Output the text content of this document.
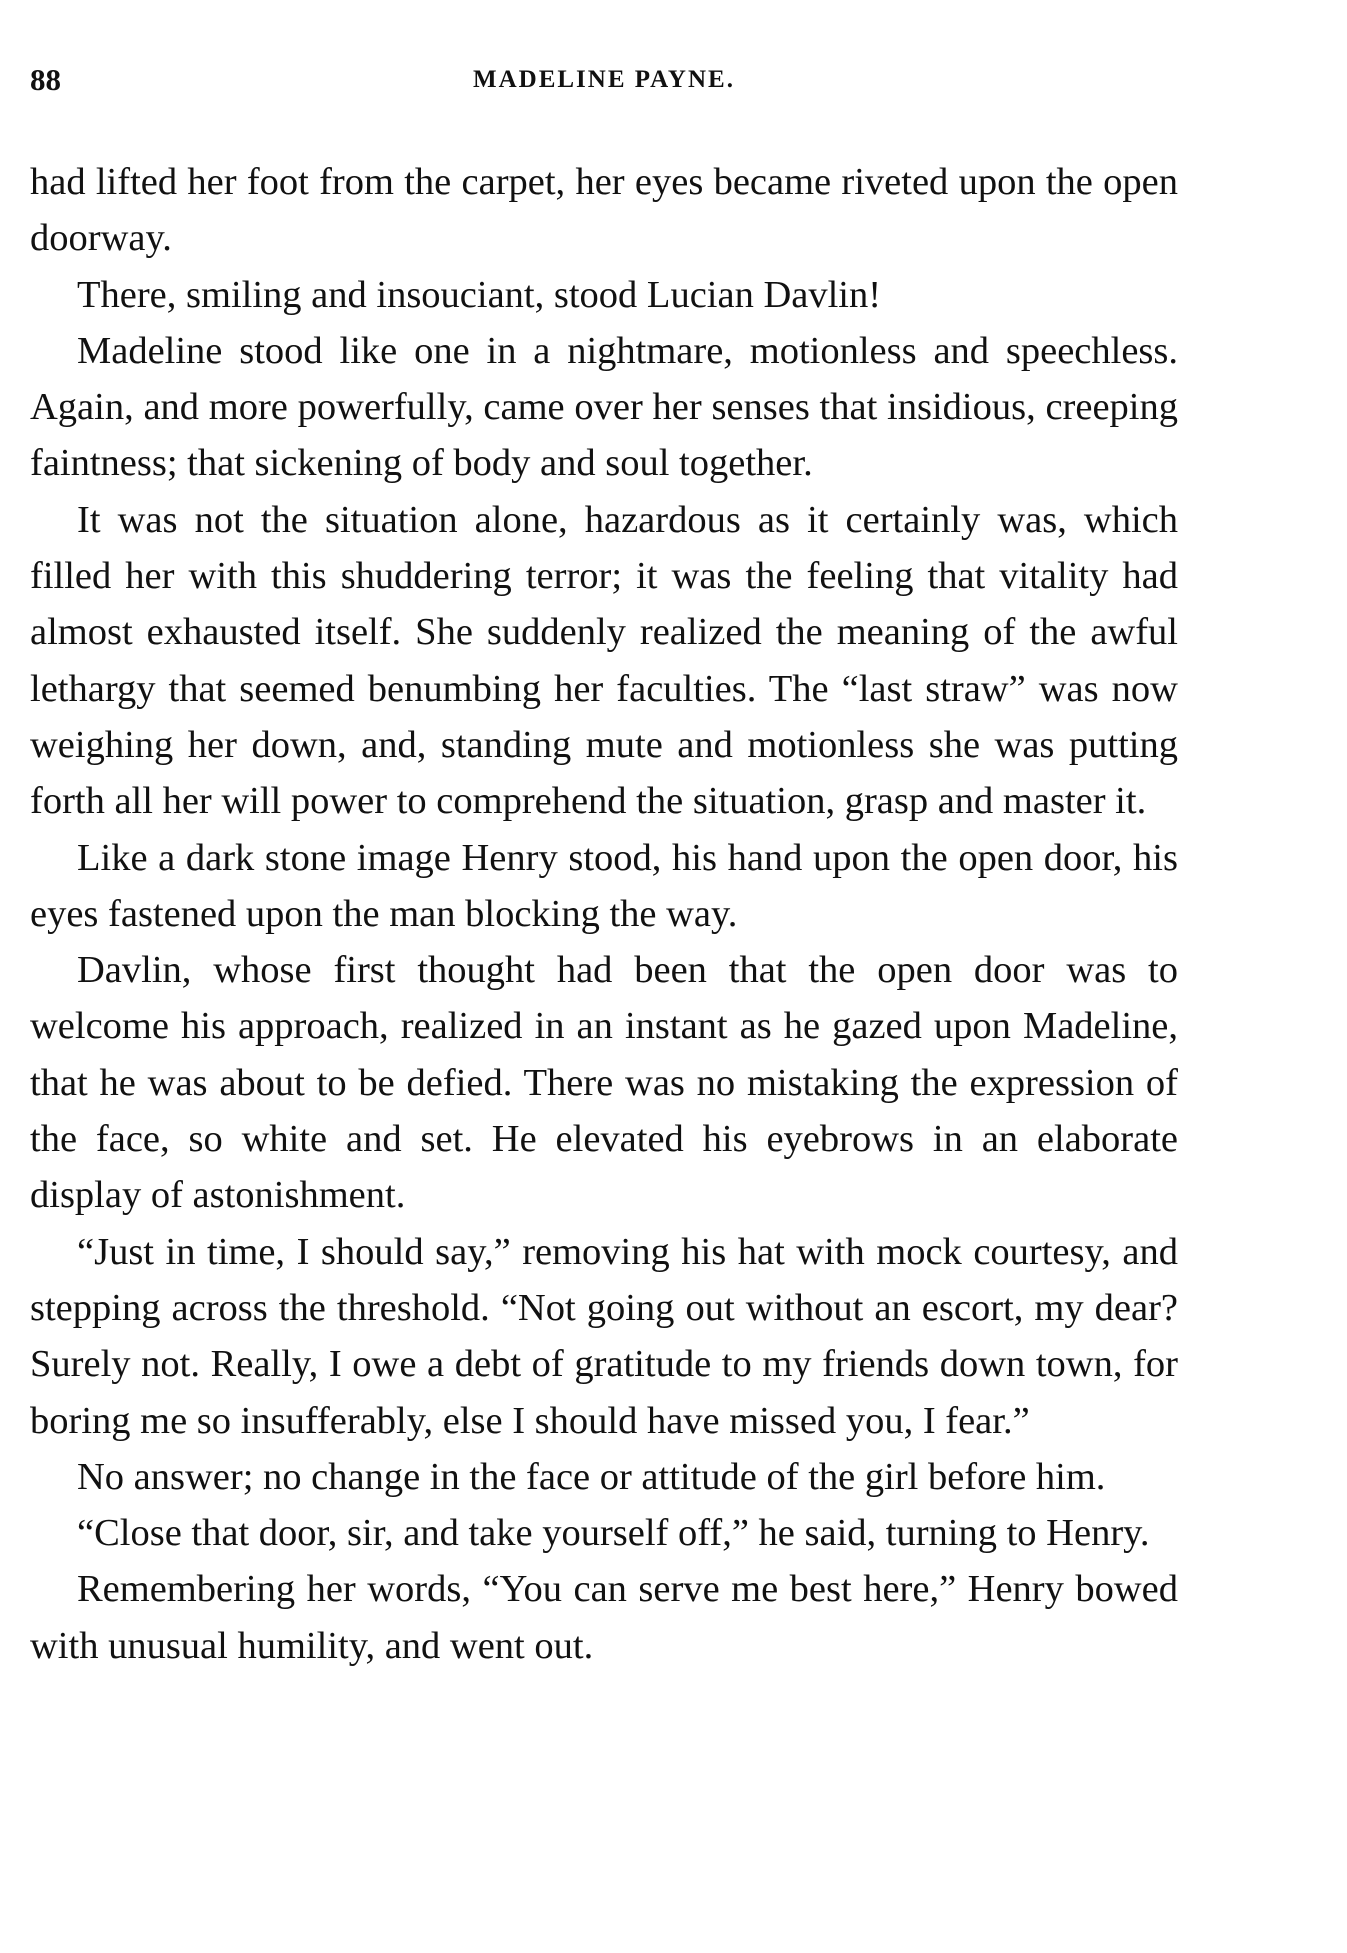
88	MADELINE PAYNE.

had lifted her foot from the carpet, her eyes became riveted upon the open doorway.

There, smiling and insouciant, stood Lucian Davlin!

Madeline stood like one in a nightmare, motionless and speechless. Again, and more powerfully, came over her senses that insidious, creeping faintness; that sickening of body and soul together.

It was not the situation alone, hazardous as it certainly was, which filled her with this shuddering terror; it was the feeling that vitality had almost exhausted itself. She suddenly realized the meaning of the awful lethargy that seemed benumbing her faculties. The “last straw” was now weighing her down, and, standing mute and motionless she was putting forth all her will power to comprehend the situation, grasp and master it.

Like a dark stone image Henry stood, his hand upon the open door, his eyes fastened upon the man blocking the way.

Davlin, whose first thought had been that the open door was to welcome his approach, realized in an instant as he gazed upon Madeline, that he was about to be defied. There was no mistaking the expression of the face, so white and set. He elevated his eyebrows in an elaborate display of astonishment.

“Just in time, I should say,” removing his hat with mock courtesy, and stepping across the threshold. “Not going out without an escort, my dear? Surely not. Really, I owe a debt of gratitude to my friends down town, for boring me so insufferably, else I should have missed you, I fear.”

No answer; no change in the face or attitude of the girl before him.

“Close that door, sir, and take yourself off,” he said, turning to Henry.

Remembering her words, “You can serve me best here,” Henry bowed with unusual humility, and went out.
